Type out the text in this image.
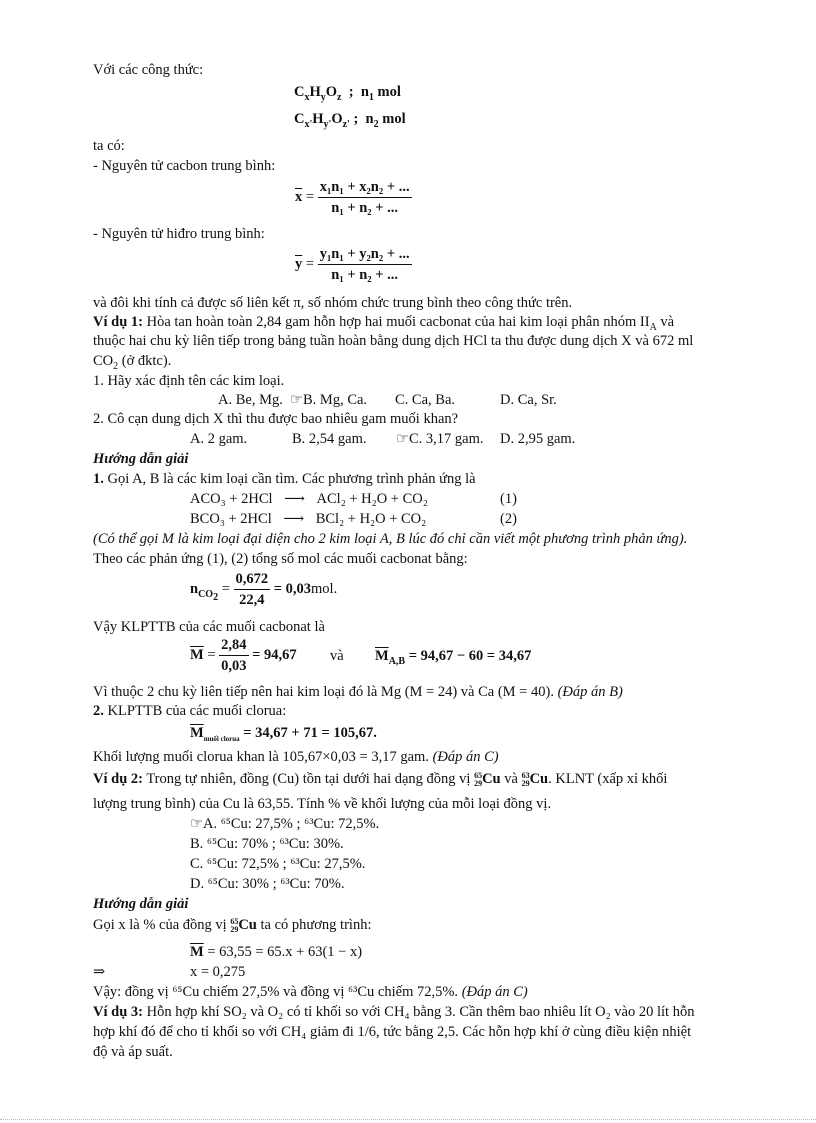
Với các công thức:
$C_xH_yO_z$  ;  $n_1$ mol
$C_{x'}H_{y'}O_{z'}$ ;  $n_2$ mol
ta có:
- Nguyên tử cacbon trung bình:
$\overline{x} = \frac{\text{x₁n₁ + x₂n₂ + ...}}{\text{n₁ + n₂ + ...}}$
- Nguyên tử hiđro trung bình:
$\overline{y} = \frac{\text{y₁n₁ + y₂n₂ + ...}}{\text{n₁ + n₂ + ...}}$
và đôi khi tính cả được số liên kết π, số nhóm chức trung bình theo công thức trên.
Ví dụ 1: Hòa tan hoàn toàn 2,84 gam hỗn hợp hai muối cacbonat của hai kim loại phân nhóm $II_A$ và
thuộc hai chu kỳ liên tiếp trong bảng tuần hoàn bằng dung dịch HCl ta thu được dung dịch X và 672 ml
$CO_2$ (ở đktc).
1. Hãy xác định tên các kim loại.
A. Be, Mg. ☞B. Mg, Ca. C. Ca, Ba.	D. Ca, Sr.
2. Cô cạn dung dịch X thì thu được bao nhiêu gam muối khan?
A. 2 gam.	B. 2,54 gam. ☞C. 3,17 gam. D. 2,95 gam.
Hướng dẫn giải
1. Gọi A, B là các kim loại cần tìm. Các phương trình phản ứng là
ACO₃ + 2HCl ⟶ ACl₂ + H₂O + CO₂	(1)
BCO₃ + 2HCl ⟶ BCl₂ + H₂O + CO₂	(2)
(Có thể gọi M là kim loại đại diện cho 2 kim loại A, B lúc đó chỉ cần viết một phương trình phản ứng).
Theo các phản ứng (1), (2) tổng số mol các muối cacbonat bằng:
$n_{CO_2} = \frac{0,672}{22,4} = 0,03mol$.
Vậy KLPTTB của các muối cacbonat là
$\overline{M} = \frac{2,84}{0,03} = 94,67$ và $\overline{M}_{A,B} = 94,67 - 60 = 34,67$
Vì thuộc 2 chu kỳ liên tiếp nên hai kim loại đó là Mg (M = 24) và Ca (M = 40). (Đáp án B)
2. KLPTTB của các muối clorua:
$\overline{M}_{muối clorua} = 34,67 + 71 = 105,67$.
Khối lượng muối clorua khan là 105,67×0,03 = 3,17 gam. (Đáp án C)
Ví dụ 2: Trong tự nhiên, đồng (Cu) tồn tại dưới hai dạng đồng vị 65
29 Cu và 63
29 Cu. KLNT (xấp xỉ khối
lượng trung bình) của Cu là 63,55. Tính % về khối lượng của mỗi loại đồng vị.
☞A. ⁶⁵Cu: 27,5% ; ⁶³Cu: 72,5%.
B. ⁶⁵Cu: 70% ; ⁶³Cu: 30%.
C. ⁶⁵Cu: 72,5% ; ⁶³Cu: 27,5%.
D. ⁶⁵Cu: 30% ; ⁶³Cu: 70%.
Hướng dẫn giải
Gọi x là % của đồng vị 65
29 Cu ta có phương trình:
$\overline{M} = 63,55 = 65.x + 63(1 - x)$
⇒	x = 0,275
Vậy: đồng vị ⁶⁵Cu chiếm 27,5% và đồng vị ⁶³Cu chiếm 72,5%. (Đáp án C)
Ví dụ 3: Hỗn hợp khí SO₂ và O₂ có tỉ khối so với CH₄ bằng 3. Cần thêm bao nhiêu lít O₂ vào 20 lít hỗn
hợp khí đó để cho tỉ khối so với CH₄ giảm đi 1/6, tức bằng 2,5. Các hỗn hợp khí ở cùng điều kiện nhiệt
độ và áp suất.
